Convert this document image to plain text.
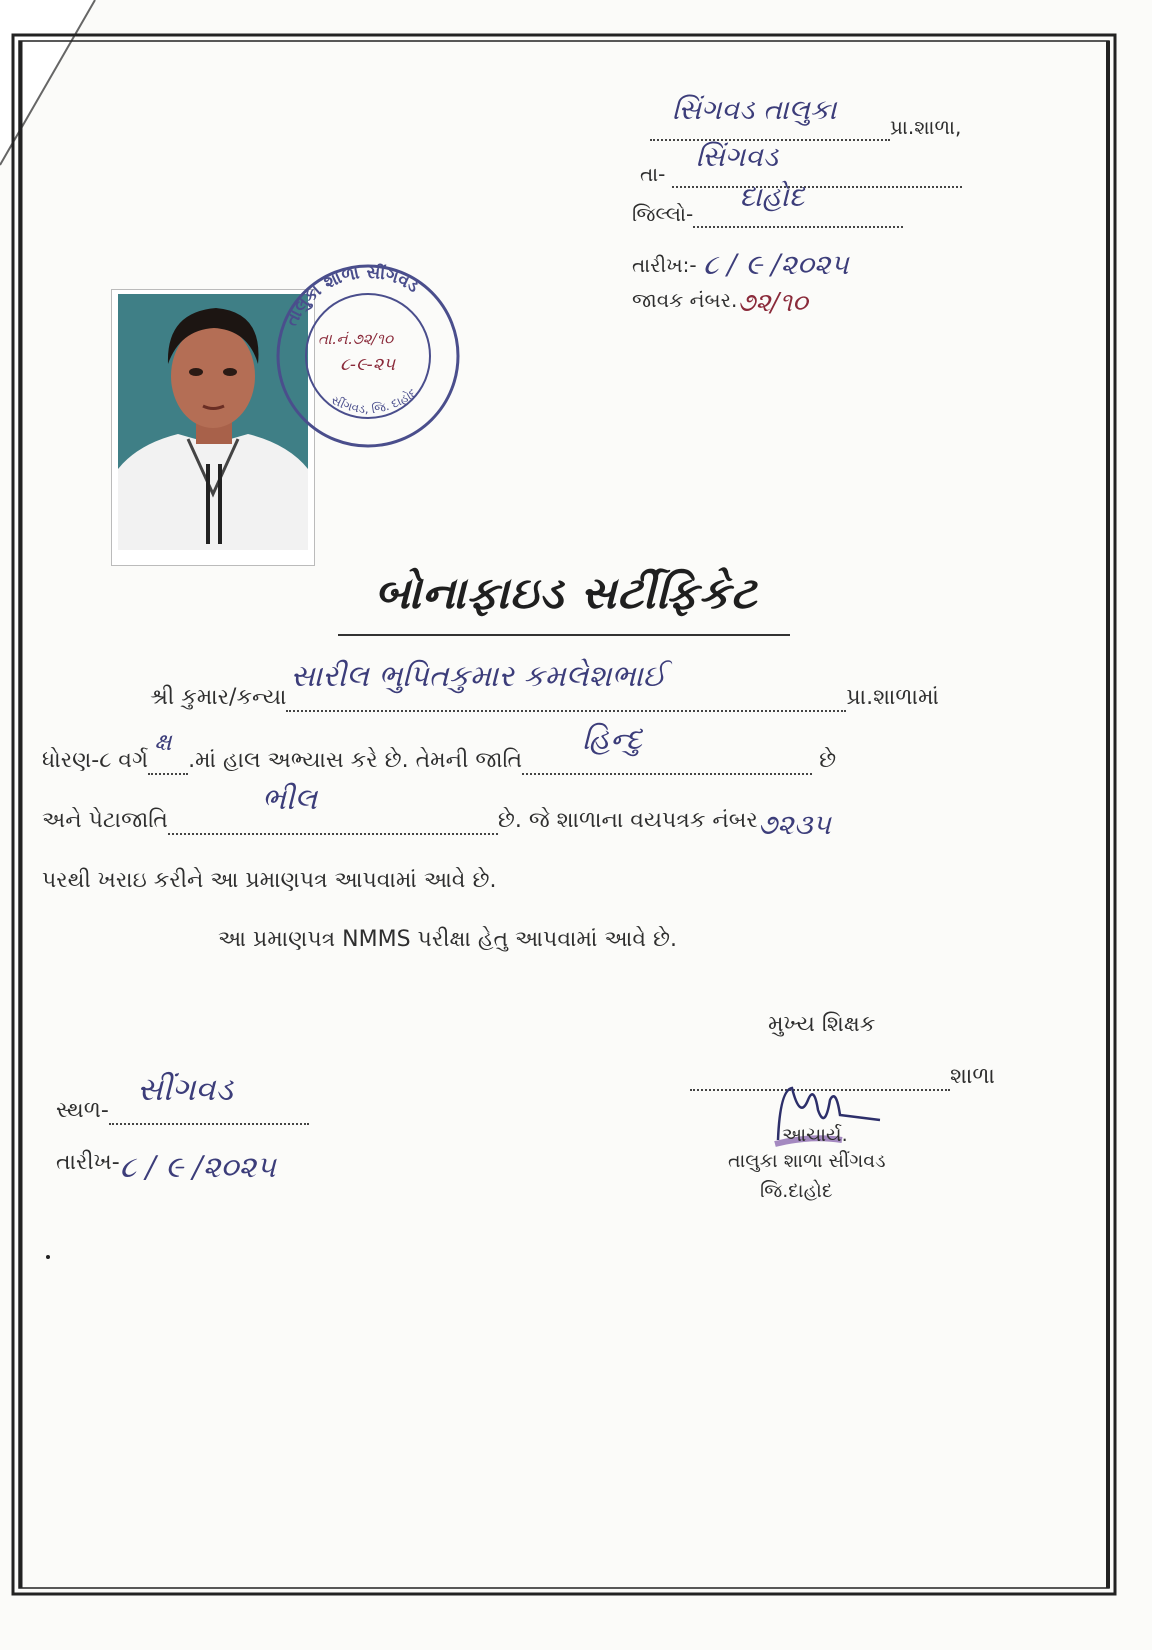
સિંગવડ તાલુકા
પ્રા.શાળા,
તા-
સિંગવડ

જિલ્લો-
દાહોદ

તારીખ:- ૮ / ૯ /૨૦૨૫
જાવક નંબર. ૭૨/૧૦
તાલુકા શાળા સીંગવડ
સીંગવડ, જિ. દાહોદ
તા.નં.૭૨/૧૦
૮-૯-૨૫
બોનાફાઇડ સર્ટીફિકેટ
શ્રી કુમાર/કન્યા
સારીલ ભુપિતકુમાર કમલેશભાઈ
પ્રા.શાળામાં
ધોરણ-૮ વર્ગ
ક્ષ
.માં હાલ અભ્યાસ કરે છે. તેમની જાતિ
હિન્દુ
છે
અને પેટાજાતિ
ભીલ
છે. જે શાળાના વયપત્રક નંબર ૭૨૩૫
પરથી ખરાઇ કરીને આ પ્રમાણપત્ર આપવામાં આવે છે.
આ પ્રમાણપત્ર NMMS પરીક્ષા હેતુ આપવામાં આવે છે.
મુખ્ય શિક્ષક
શાળા
આચાર્ય.
તાલુકા શાળા સીંગવડ
જિ.દાહોદ
સ્થળ-
સીંગવડ

તારીખ- ૮ / ૯ /૨૦૨૫
